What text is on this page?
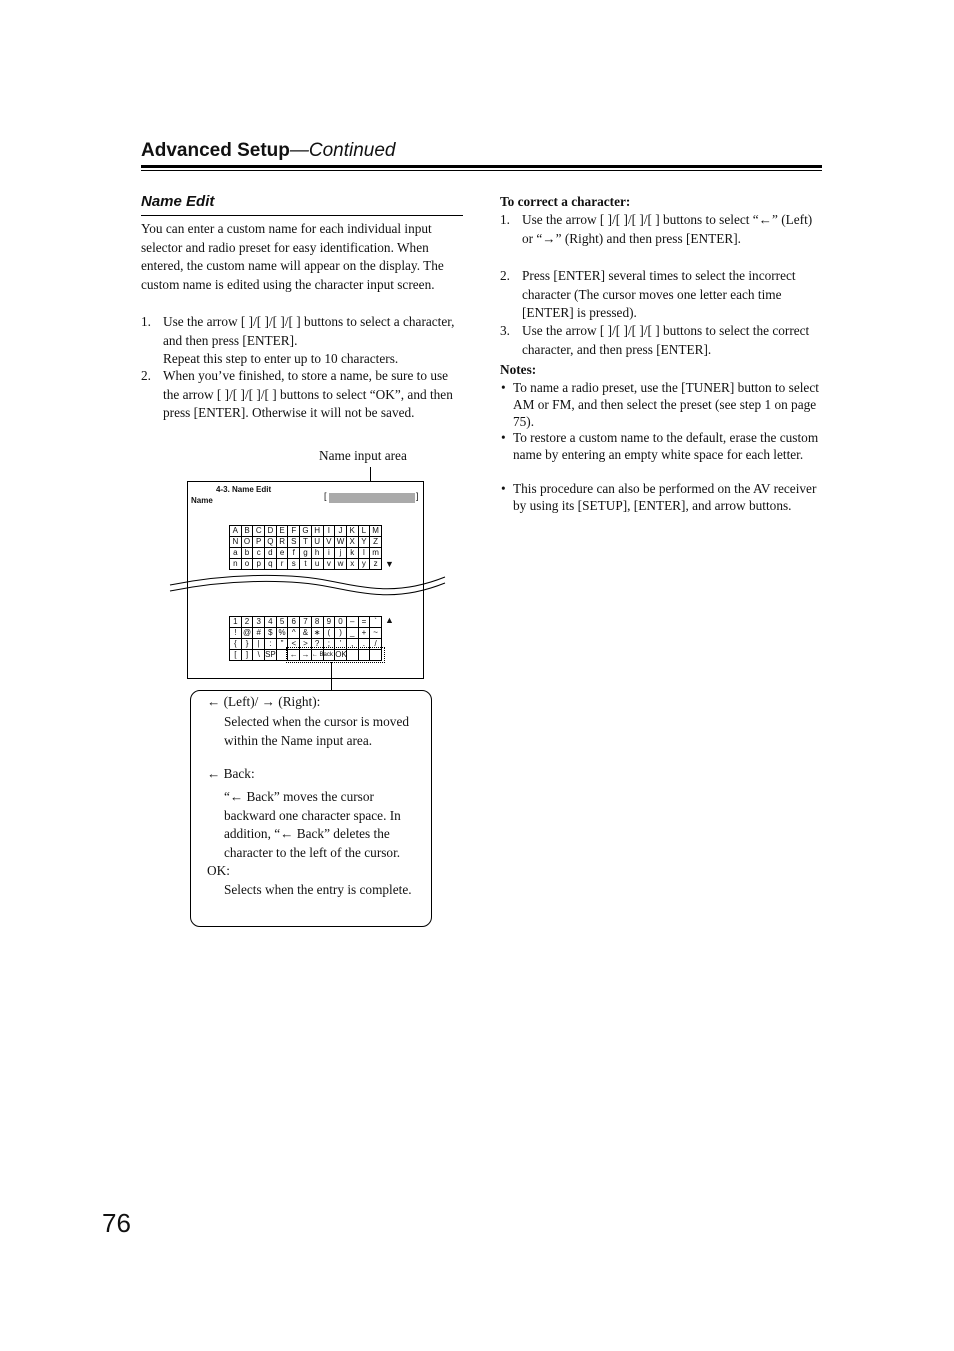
Advanced Setup—Continued
Name Edit
You can enter a custom name for each individual input selector and radio preset for easy identification. When entered, the custom name will appear on the display. The custom name is edited using the character input screen.
1. Use the arrow [ ]/[ ]/[ ]/[ ] buttons to select a character, and then press [ENTER].
Repeat this step to enter up to 10 characters.
2. When you’ve finished, to store a name, be sure to use the arrow [ ]/[ ]/[ ]/[ ] buttons to select “OK”, and then press [ENTER]. Otherwise it will not be saved.
Name input area
4-3. Name Edit
Name	[	]
A B C D E F G H I	J K L M
N O P Q R S T U V W X Y Z
a b c d e	f	g h	i	j	k	l m
n o p q	r	s	t	u v w x y z ▼
1 2 3 4 5 6 7 8 9 0 – =	`
! @ # $ % ^ & ∗ (	)	_ + ~
{	}	|	:	" < > ?	;	'	,	.	/
[	]	\ SP ← → ← Back OK
▲
← (Left)/ → (Right):
Selected when the cursor is moved within the Name input area.
← Back:
“← Back” moves the cursor backward one character space. In addition, “← Back” deletes the character to the left of the cursor.
OK:
Selects when the entry is complete.
To correct a character:
1. Use the arrow [ ]/[ ]/[ ]/[ ] buttons to select “←” (Left) or “→” (Right) and then press [ENTER].
2. Press [ENTER] several times to select the incorrect character (The cursor moves one letter each time [ENTER] is pressed).
3. Use the arrow [ ]/[ ]/[ ]/[ ] buttons to select the correct character, and then press [ENTER].
Notes:
• To name a radio preset, use the [TUNER] button to select AM or FM, and then select the preset (see step 1 on page 75).
• To restore a custom name to the default, erase the custom name by entering an empty white space for each letter.
• This procedure can also be performed on the AV receiver by using its [SETUP], [ENTER], and arrow buttons.
76
